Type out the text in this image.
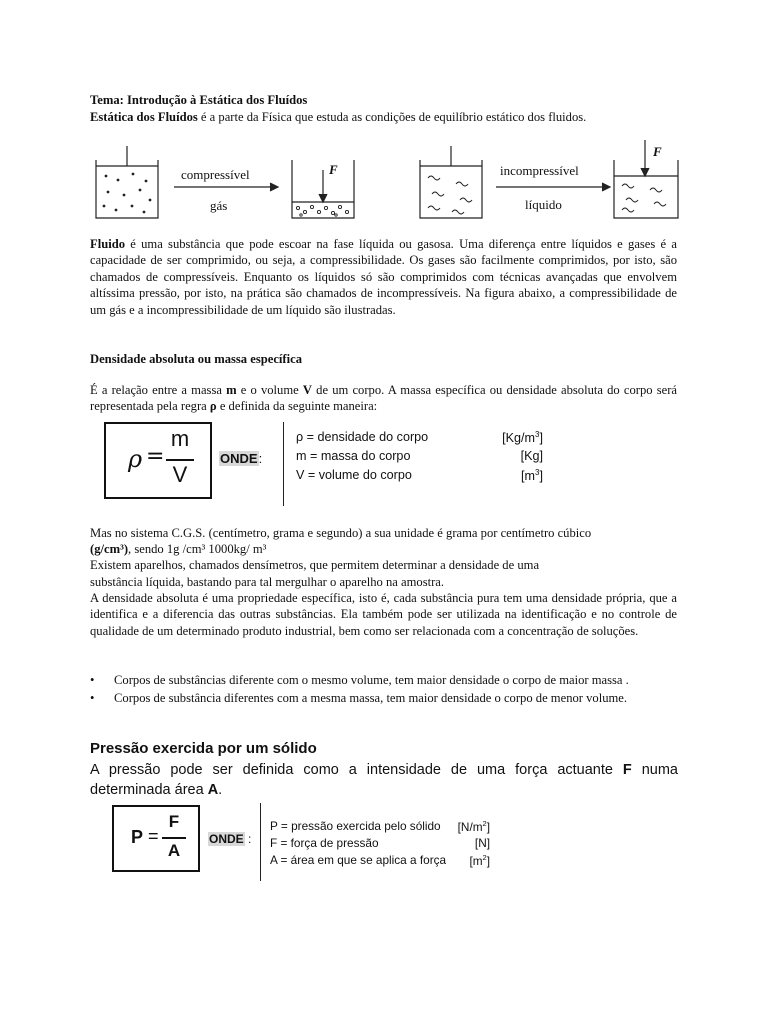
Tema: Introdução à Estática dos Fluídos
Estática dos Fluídos é a parte da Física que estuda as condições de equilíbrio estático dos fluidos.
compressível
gás
incompressível
líquido
F
F
Fluido é uma substância que pode escoar na fase líquida ou gasosa. Uma diferença entre líquidos e gases é a capacidade de ser comprimido, ou seja, a compressibilidade. Os gases são facilmente comprimidos, por isto, são chamados de compressíveis. Enquanto os líquidos só são comprimidos com técnicas avançadas que envolvem altíssima pressão, por isto, na prática são chamados de incompressíveis. Na figura abaixo, a compressibilidade de um gás e a incompressibilidade de um líquido são ilustradas.
Densidade absoluta ou massa específica
É a relação entre a massa m e o volume V de um corpo. A massa específica ou densidade absoluta do corpo será representada pela regra ρ e definida da seguinte maneira:
ρ =
m
V
ONDE:
ρ = densidade do corpo
m = massa do corpo
V = volume do corpo
$[Kg/m^3]$
[Kg]
$[m^3]$
Mas no sistema C.G.S. (centímetro, grama e segundo) a sua unidade é grama por centímetro cúbico
(g/cm³), sendo 1g /cm³ 1000kg/ m³
Existem aparelhos, chamados densímetros, que permitem determinar a densidade de uma
substância líquida, bastando para tal mergulhar o aparelho na amostra.
A densidade absoluta é uma propriedade específica, isto é, cada substância pura tem uma densidade própria, que a identifica e a diferencia das outras substâncias. Ela também pode ser utilizada na identificação e no controle de qualidade de um determinado produto industrial, bem como ser relacionada com a concentração de soluções.
• Corpos de substâncias diferente com o mesmo volume, tem maior densidade o corpo de maior massa .
• Corpos de substância diferentes com a mesma massa, tem maior densidade o corpo de menor volume.
Pressão exercida por um sólido
A pressão pode ser definida como a intensidade de uma força actuante F numa determinada área A.
P =
F
A
ONDE :
P = pressão exercida pelo sólido
F = força de pressão
A = área em que se aplica a força
$[N/m^2]$
[N]
$[m^2]$
